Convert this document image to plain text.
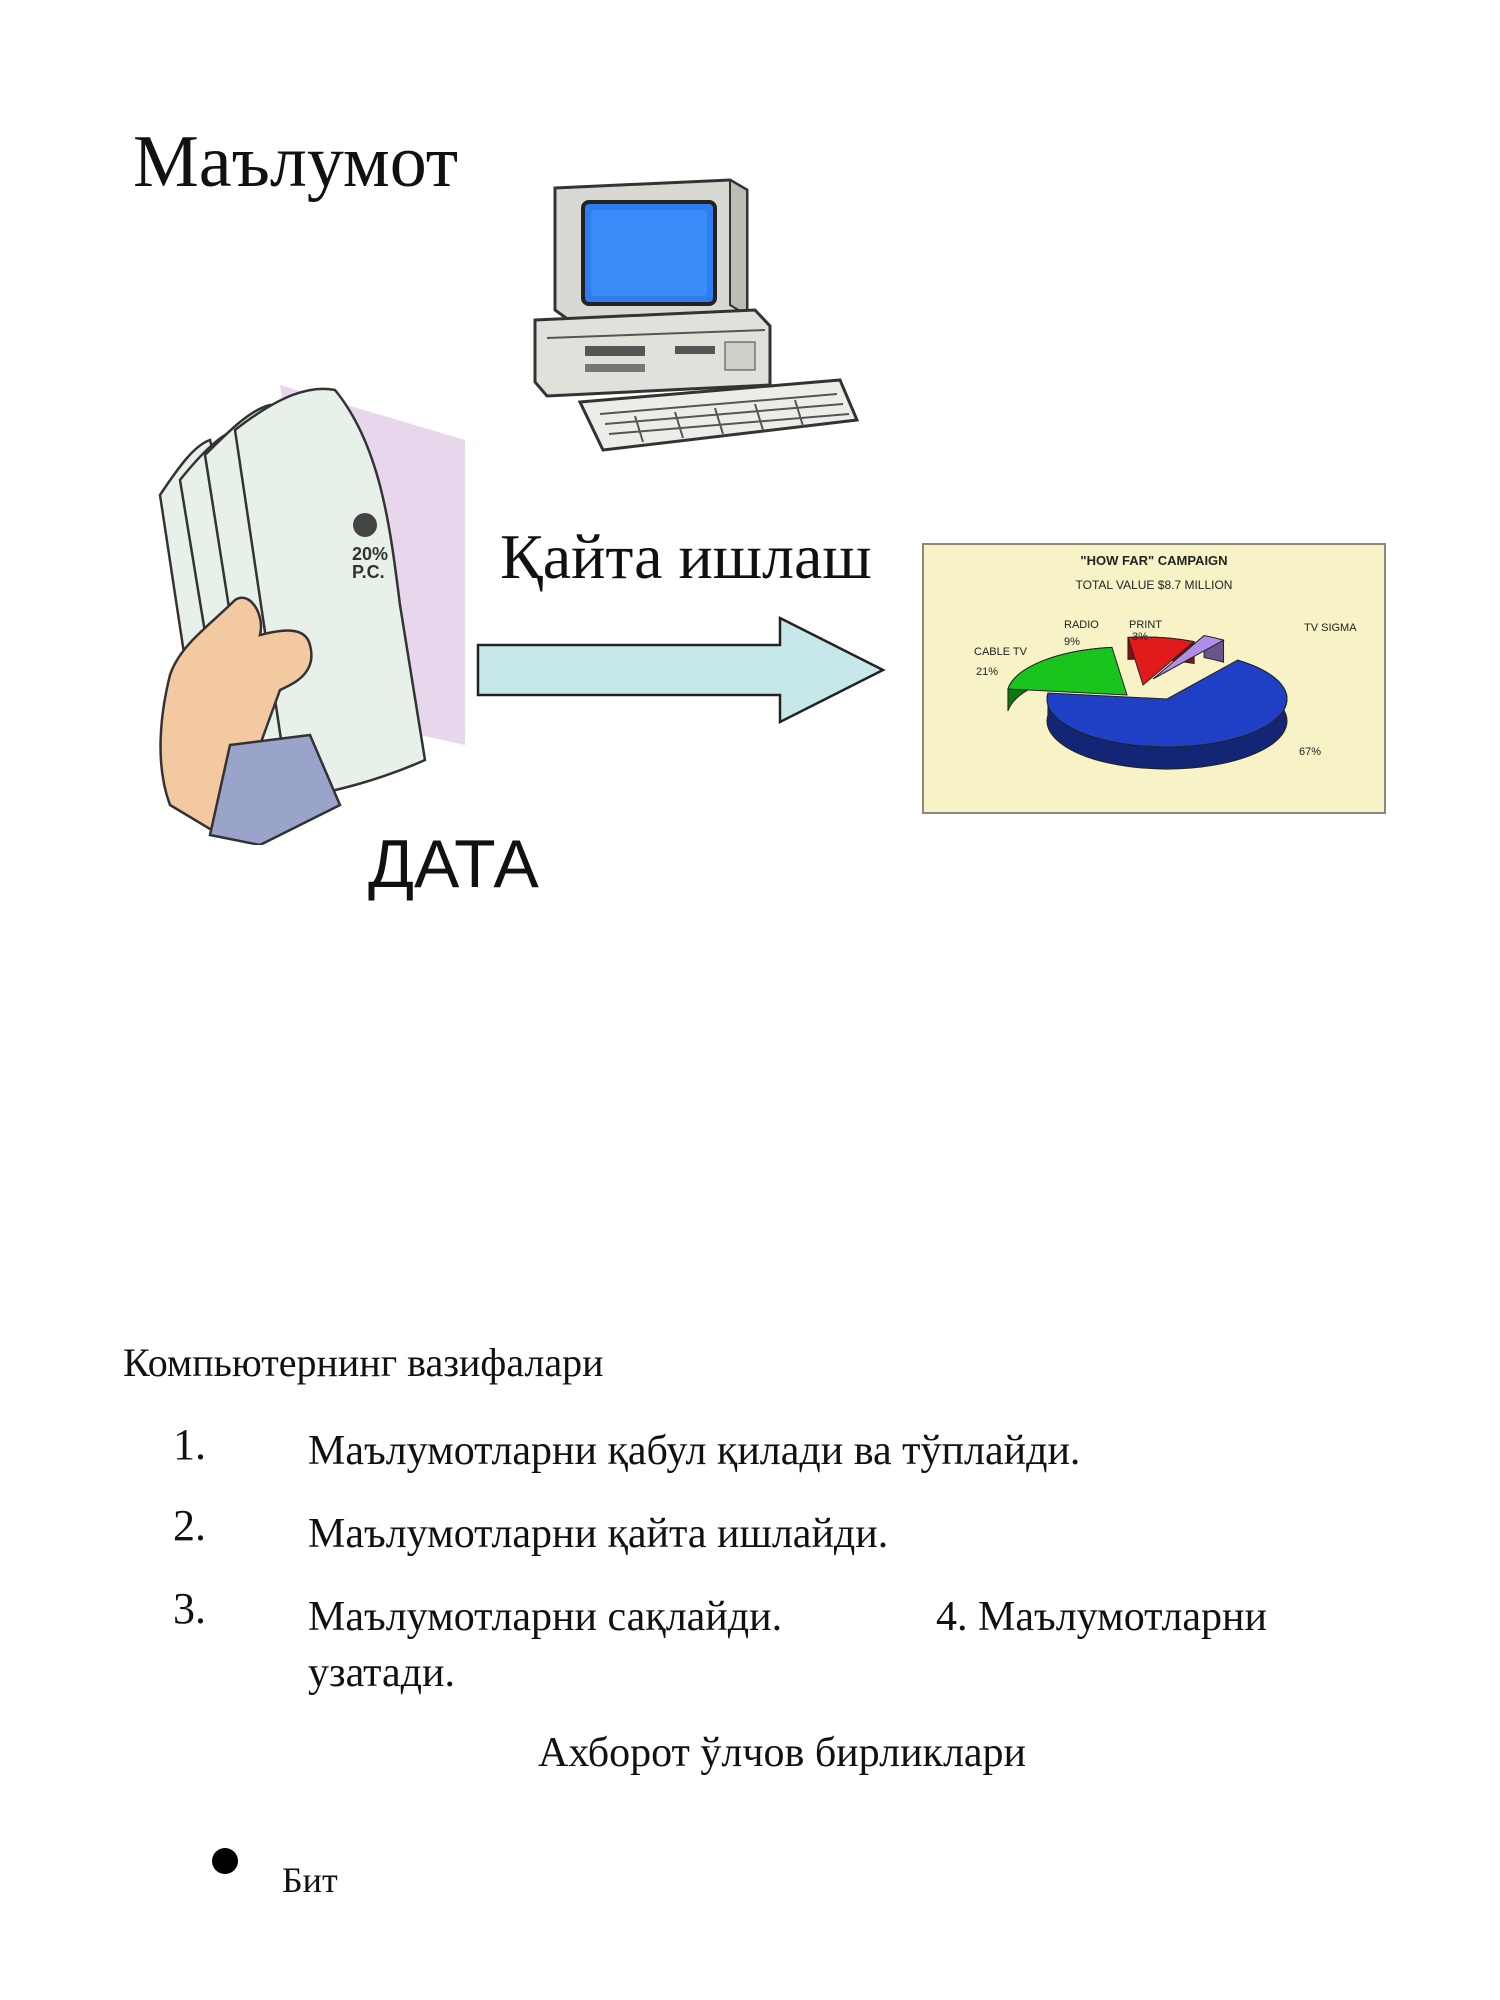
Маълумот
20% P.C. Қайта ишлаш
ДАТА
"HOW FAR" CAMPAIGN
TOTAL VALUE $8.7 MILLION
TV SIGMA
67%
CABLE TV
21%
RADIO
9%
PRINT
3%
Компьютернинг вазифалари
1. Маълумотларни қабул қилади ва тўплайди.
2. Маълумотларни қайта ишлайди.
3. Маълумотларни сақлайди.	4. Маълумотларни
узатади.
Ахборот ўлчов бирликлари
Бит
